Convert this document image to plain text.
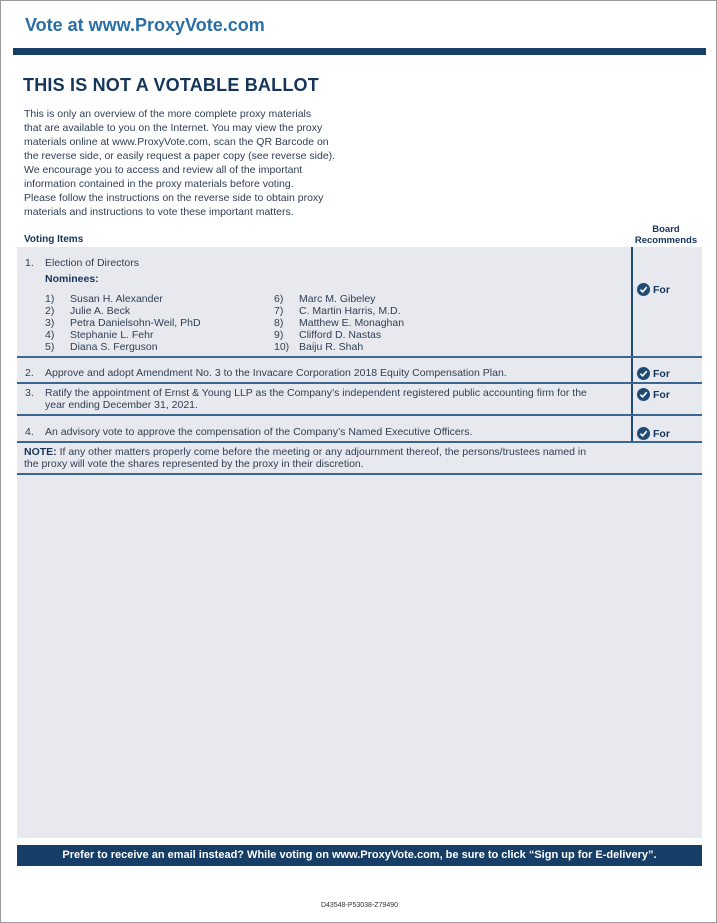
Vote at www.ProxyVote.com
THIS IS NOT A VOTABLE BALLOT
This is only an overview of the more complete proxy materials
that are available to you on the Internet. You may view the proxy
materials online at www.ProxyVote.com, scan the QR Barcode on
the reverse side, or easily request a paper copy (see reverse side).
We encourage you to access and review all of the important
information contained in the proxy materials before voting.
Please follow the instructions on the reverse side to obtain proxy
materials and instructions to vote these important matters.
Board
Recommends
Voting Items
1. Election of Directors
Nominees:
1) Susan H. Alexander
2) Julie A. Beck
3) Petra Danielsohn-Weil, PhD
4) Stephanie L. Fehr
5) Diana S. Ferguson
6) Marc M. Gibeley
7) C. Martin Harris, M.D.
8) Matthew E. Monaghan
9) Clifford D. Nastas
10) Baiju R. Shah
For
2. Approve and adopt Amendment No. 3 to the Invacare Corporation 2018 Equity Compensation Plan.	For
3. Ratify the appointment of Ernst & Young LLP as the Company’s independent registered public accounting firm for the
year ending December 31, 2021.
For
4. An advisory vote to approve the compensation of the Company’s Named Executive Officers.	For
NOTE: If any other matters properly come before the meeting or any adjournment thereof, the persons/trustees named in
the proxy will vote the shares represented by the proxy in their discretion.
Prefer to receive an email instead? While voting on www.ProxyVote.com, be sure to click “Sign up for E-delivery”.
D43548-P53038-Z79490
